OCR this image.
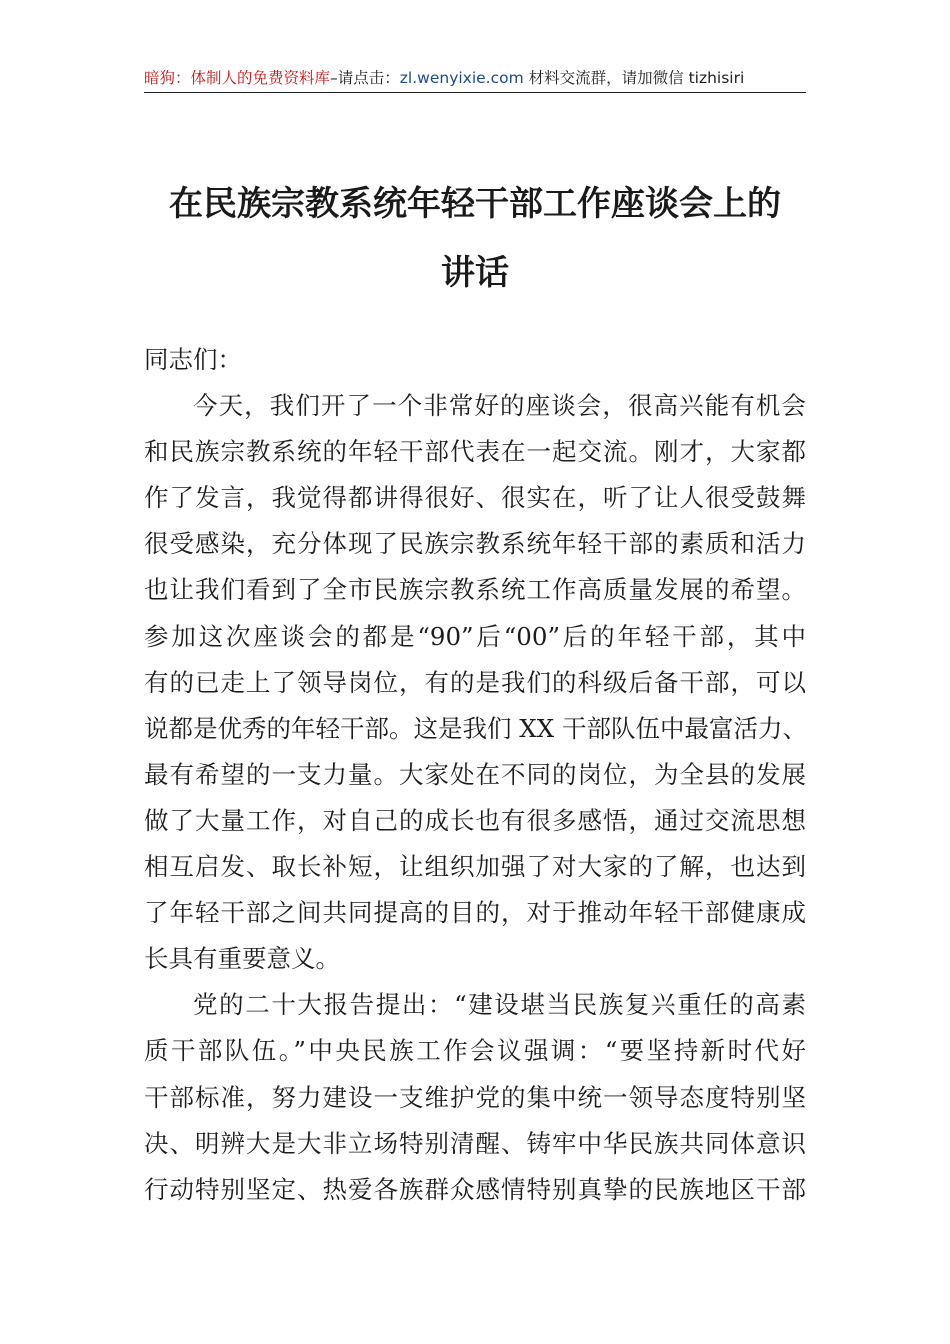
暗狗：体制人的免费资料库–请点击：zl.wenyixie.com 材料交流群，请加微信 tizhisiri
在民族宗教系统年轻干部工作座谈会上的
讲话
同志们：
今天，我们开了一个非常好的座谈会，很高兴能有机会
和民族宗教系统的年轻干部代表在一起交流。刚才，大家都
作了发言，我觉得都讲得很好、很实在，听了让人很受鼓舞
很受感染，充分体现了民族宗教系统年轻干部的素质和活力
也让我们看到了全市民族宗教系统工作高质量发展的希望。
参加这次座谈会的都是“90”后“00”后的年轻干部，其中
有的已走上了领导岗位，有的是我们的科级后备干部，可以
说都是优秀的年轻干部。这是我们 XX 干部队伍中最富活力、
最有希望的一支力量。大家处在不同的岗位，为全县的发展
做了大量工作，对自己的成长也有很多感悟，通过交流思想
相互启发、取长补短，让组织加强了对大家的了解，也达到
了年轻干部之间共同提高的目的，对于推动年轻干部健康成
长具有重要意义。
党的二十大报告提出：“建设堪当民族复兴重任的高素
质干部队伍。”中央民族工作会议强调：“要坚持新时代好
干部标准，努力建设一支维护党的集中统一领导态度特别坚
决、明辨大是大非立场特别清醒、铸牢中华民族共同体意识
行动特别坚定、热爱各族群众感情特别真挚的民族地区干部
